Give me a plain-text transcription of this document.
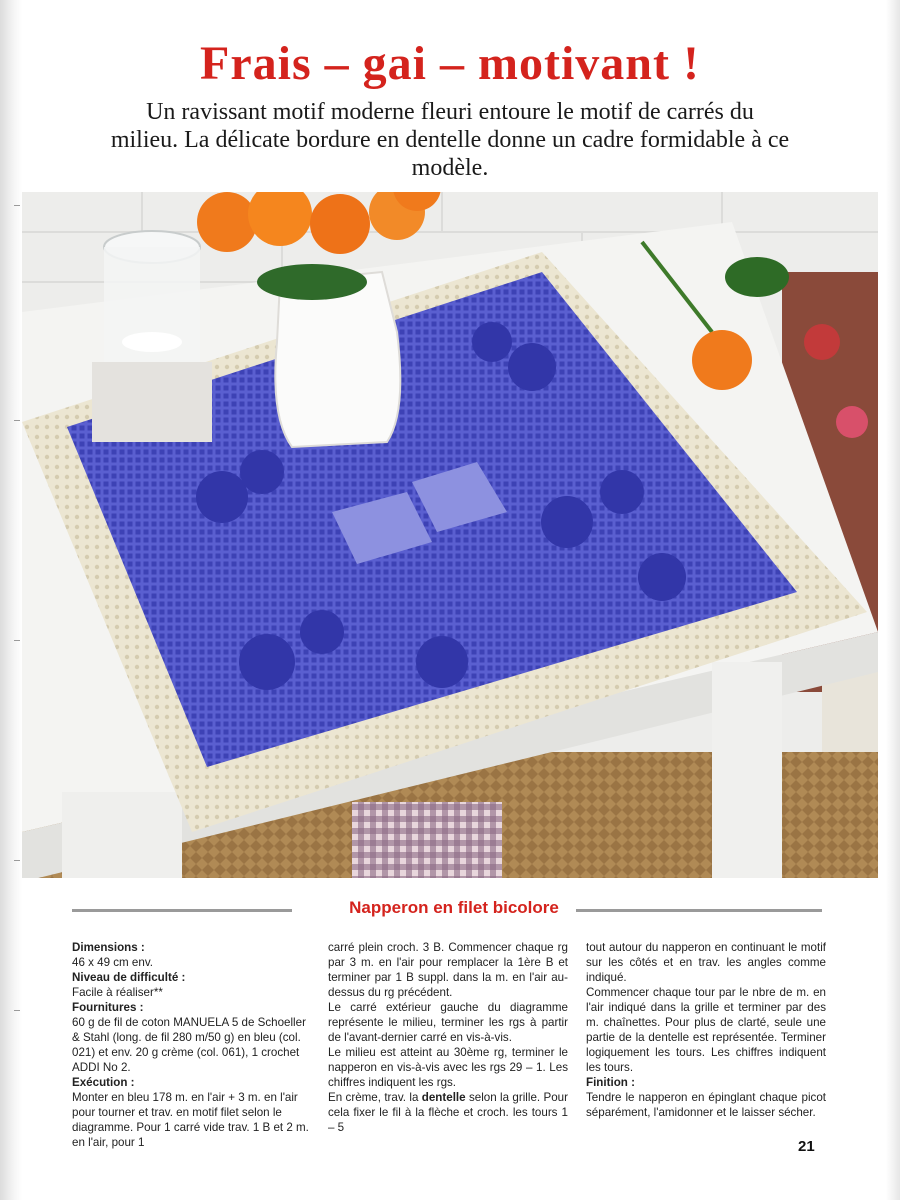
Frais – gai – motivant !
Un ravissant motif moderne fleuri entoure le motif de carrés du milieu. La délicate bordure en dentelle donne un cadre formidable à ce modèle.
Napperon en filet bicolore

Dimensions :

46 x 49 cm env.

Niveau de difficulté :

Facile à réaliser**

Fournitures :

60 g de fil de coton MANUELA 5 de Schoeller & Stahl (long. de fil 280 m/50 g) en bleu (col. 021) et env. 20 g crème (col. 061), 1 crochet ADDI No 2.

Exécution :

Monter en bleu 178 m. en l'air + 3 m. en l'air pour tourner et trav. en motif filet selon le diagramme. Pour 1 carré vide trav. 1 B et 2 m. en l'air, pour 1

carré plein croch. 3 B. Commencer chaque rg par 3 m. en l'air pour remplacer la 1ère B et terminer par 1 B suppl. dans la m. en l'air au-dessus du rg précédent.

Le carré extérieur gauche du diagramme représente le milieu, terminer les rgs à partir de l'avant-dernier carré en vis-à-vis.

Le milieu est atteint au 30ème rg, terminer le napperon en vis-à-vis avec les rgs 29 – 1. Les chiffres indiquent les rgs.

En crème, trav. la dentelle selon la grille. Pour cela fixer le fil à la flèche et croch. les tours 1 – 5

tout autour du napperon en continuant le motif sur les côtés et en trav. les angles comme indiqué.

Commencer chaque tour par le nbre de m. en l'air indiqué dans la grille et terminer par des m. chaînettes. Pour plus de clarté, seule une partie de la dentelle est représentée. Terminer logiquement les tours. Les chiffres indiquent les tours.

Finition :

Tendre le napperon en épinglant chaque picot séparément, l'amidonner et le laisser sécher.

21
